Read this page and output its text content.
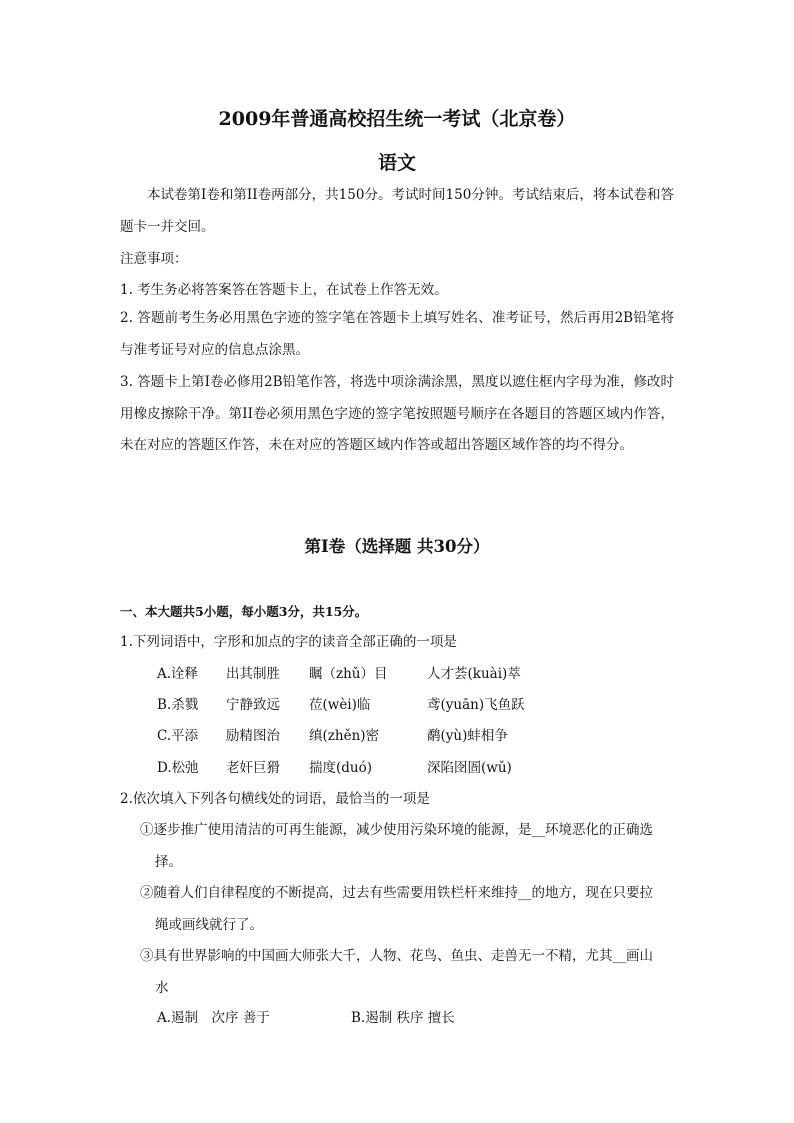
2009年普通高校招生统一考试（北京卷）
语文

本试卷第I卷和第II卷两部分，共150分。考试时间150分钟。考试结束后，将本试卷和答题卡一并交回。

注意事项：
1. 考生务必将答案答在答题卡上，在试卷上作答无效。

2. 答题前考生务必用黑色字迹的签字笔在答题卡上填写姓名、准考证号，然后再用2B铅笔将与准考证号对应的信息点涂黑。

3. 答题卡上第I卷必修用2B铅笔作答，将选中项涂满涂黑，黑度以遮住框内字母为准，修改时用橡皮擦除干净。第II卷必须用黑色字迹的签字笔按照题号顺序在各题目的答题区域内作答，未在对应的答题区作答，未在对应的答题区域内作答或超出答题区域作答的均不得分。

第I卷（选择题 共30分）
一、本大题共5小题，每小题3分，共15分。
1.下列词语中，字形和加点的字的读音全部正确的一项是
A.诠释 出其制胜 瞩（zhǔ）目	人才荟(kuài)萃
B.杀戮 宁静致远 莅(wèi)临	鸢(yuān)飞鱼跃
C.平添 励精图治 缜(zhěn)密	鹬(yù)蚌相争
D.松弛 老奸巨猾 揣度(duó)	深陷囹圄(wǔ)
2.依次填入下列各句横线处的词语，最恰当的一项是
①逐步推广使用清洁的可再生能源，减少使用污染环境的能源，是__环境恶化的正确选
择。
②随着人们自律程度的不断提高，过去有些需要用铁栏杆来维持__的地方，现在只要拉
绳或画线就行了。
③具有世界影响的中国画大师张大千，人物、花鸟、鱼虫、走兽无一不精，尤其__画山
水
A.遏制　次序 善于	B.遏制 秩序 擅长
